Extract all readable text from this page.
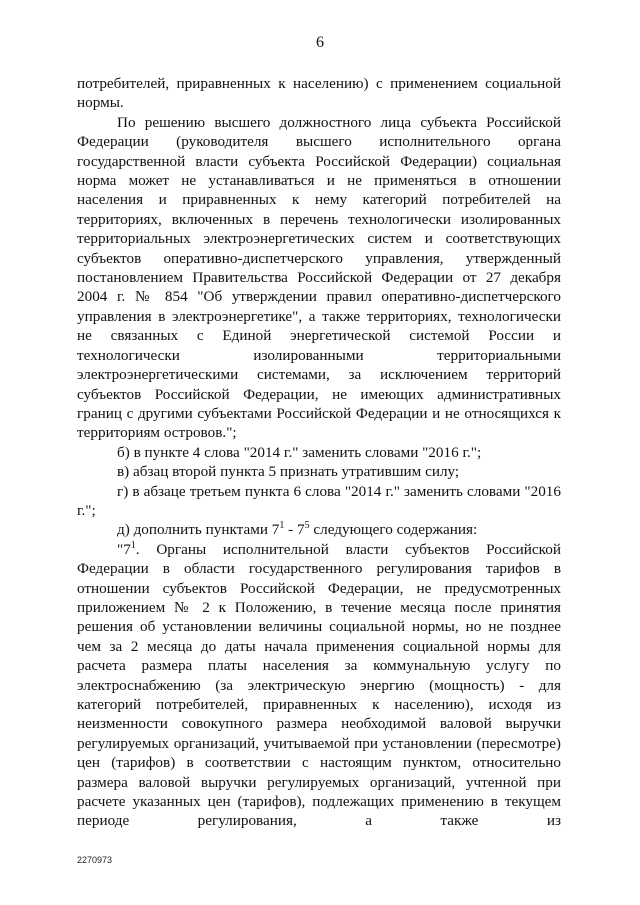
6

потребителей, приравненных к населению) с применением социальной нормы.

По решению высшего должностного лица субъекта Российской Федерации (руководителя высшего исполнительного органа государственной власти субъекта Российской Федерации) социальная норма может не устанавливаться и не применяться в отношении населения и приравненных к нему категорий потребителей на территориях, включенных в перечень технологически изолированных территориальных электроэнергетических систем и соответствующих субъектов оперативно-диспетчерского управления, утвержденный постановлением Правительства Российской Федерации от 27 декабря 2004 г. № 854 "Об утверждении правил оперативно-диспетчерского управления в электроэнергетике", а также территориях, технологически не связанных с Единой энергетической системой России и технологически изолированными территориальными электроэнергетическими системами, за исключением территорий субъектов Российской Федерации, не имеющих административных границ с другими субъектами Российской Федерации и не относящихся к территориям островов.";

б) в пункте 4 слова "2014 г." заменить словами "2016 г.";

в) абзац второй пункта 5 признать утратившим силу;

г) в абзаце третьем пункта 6 слова "2014 г." заменить словами "2016 г.";

д) дополнить пунктами $7^1 - 7^5$ следующего содержания:

"$7^1$. Органы исполнительной власти субъектов Российской Федерации в области государственного регулирования тарифов в отношении субъектов Российской Федерации, не предусмотренных приложением № 2 к Положению, в течение месяца после принятия решения об установлении величины социальной нормы, но не позднее чем за 2 месяца до даты начала применения социальной нормы для расчета размера платы населения за коммунальную услугу по электроснабжению (за электрическую энергию (мощность) - для категорий потребителей, приравненных к населению), исходя из неизменности совокупного размера необходимой валовой выручки регулируемых организаций, учитываемой при установлении (пересмотре) цен (тарифов) в соответствии с настоящим пунктом, относительно размера валовой выручки регулируемых организаций, учтенной при расчете указанных цен (тарифов), подлежащих применению в текущем периоде регулирования, а также из

2270973
